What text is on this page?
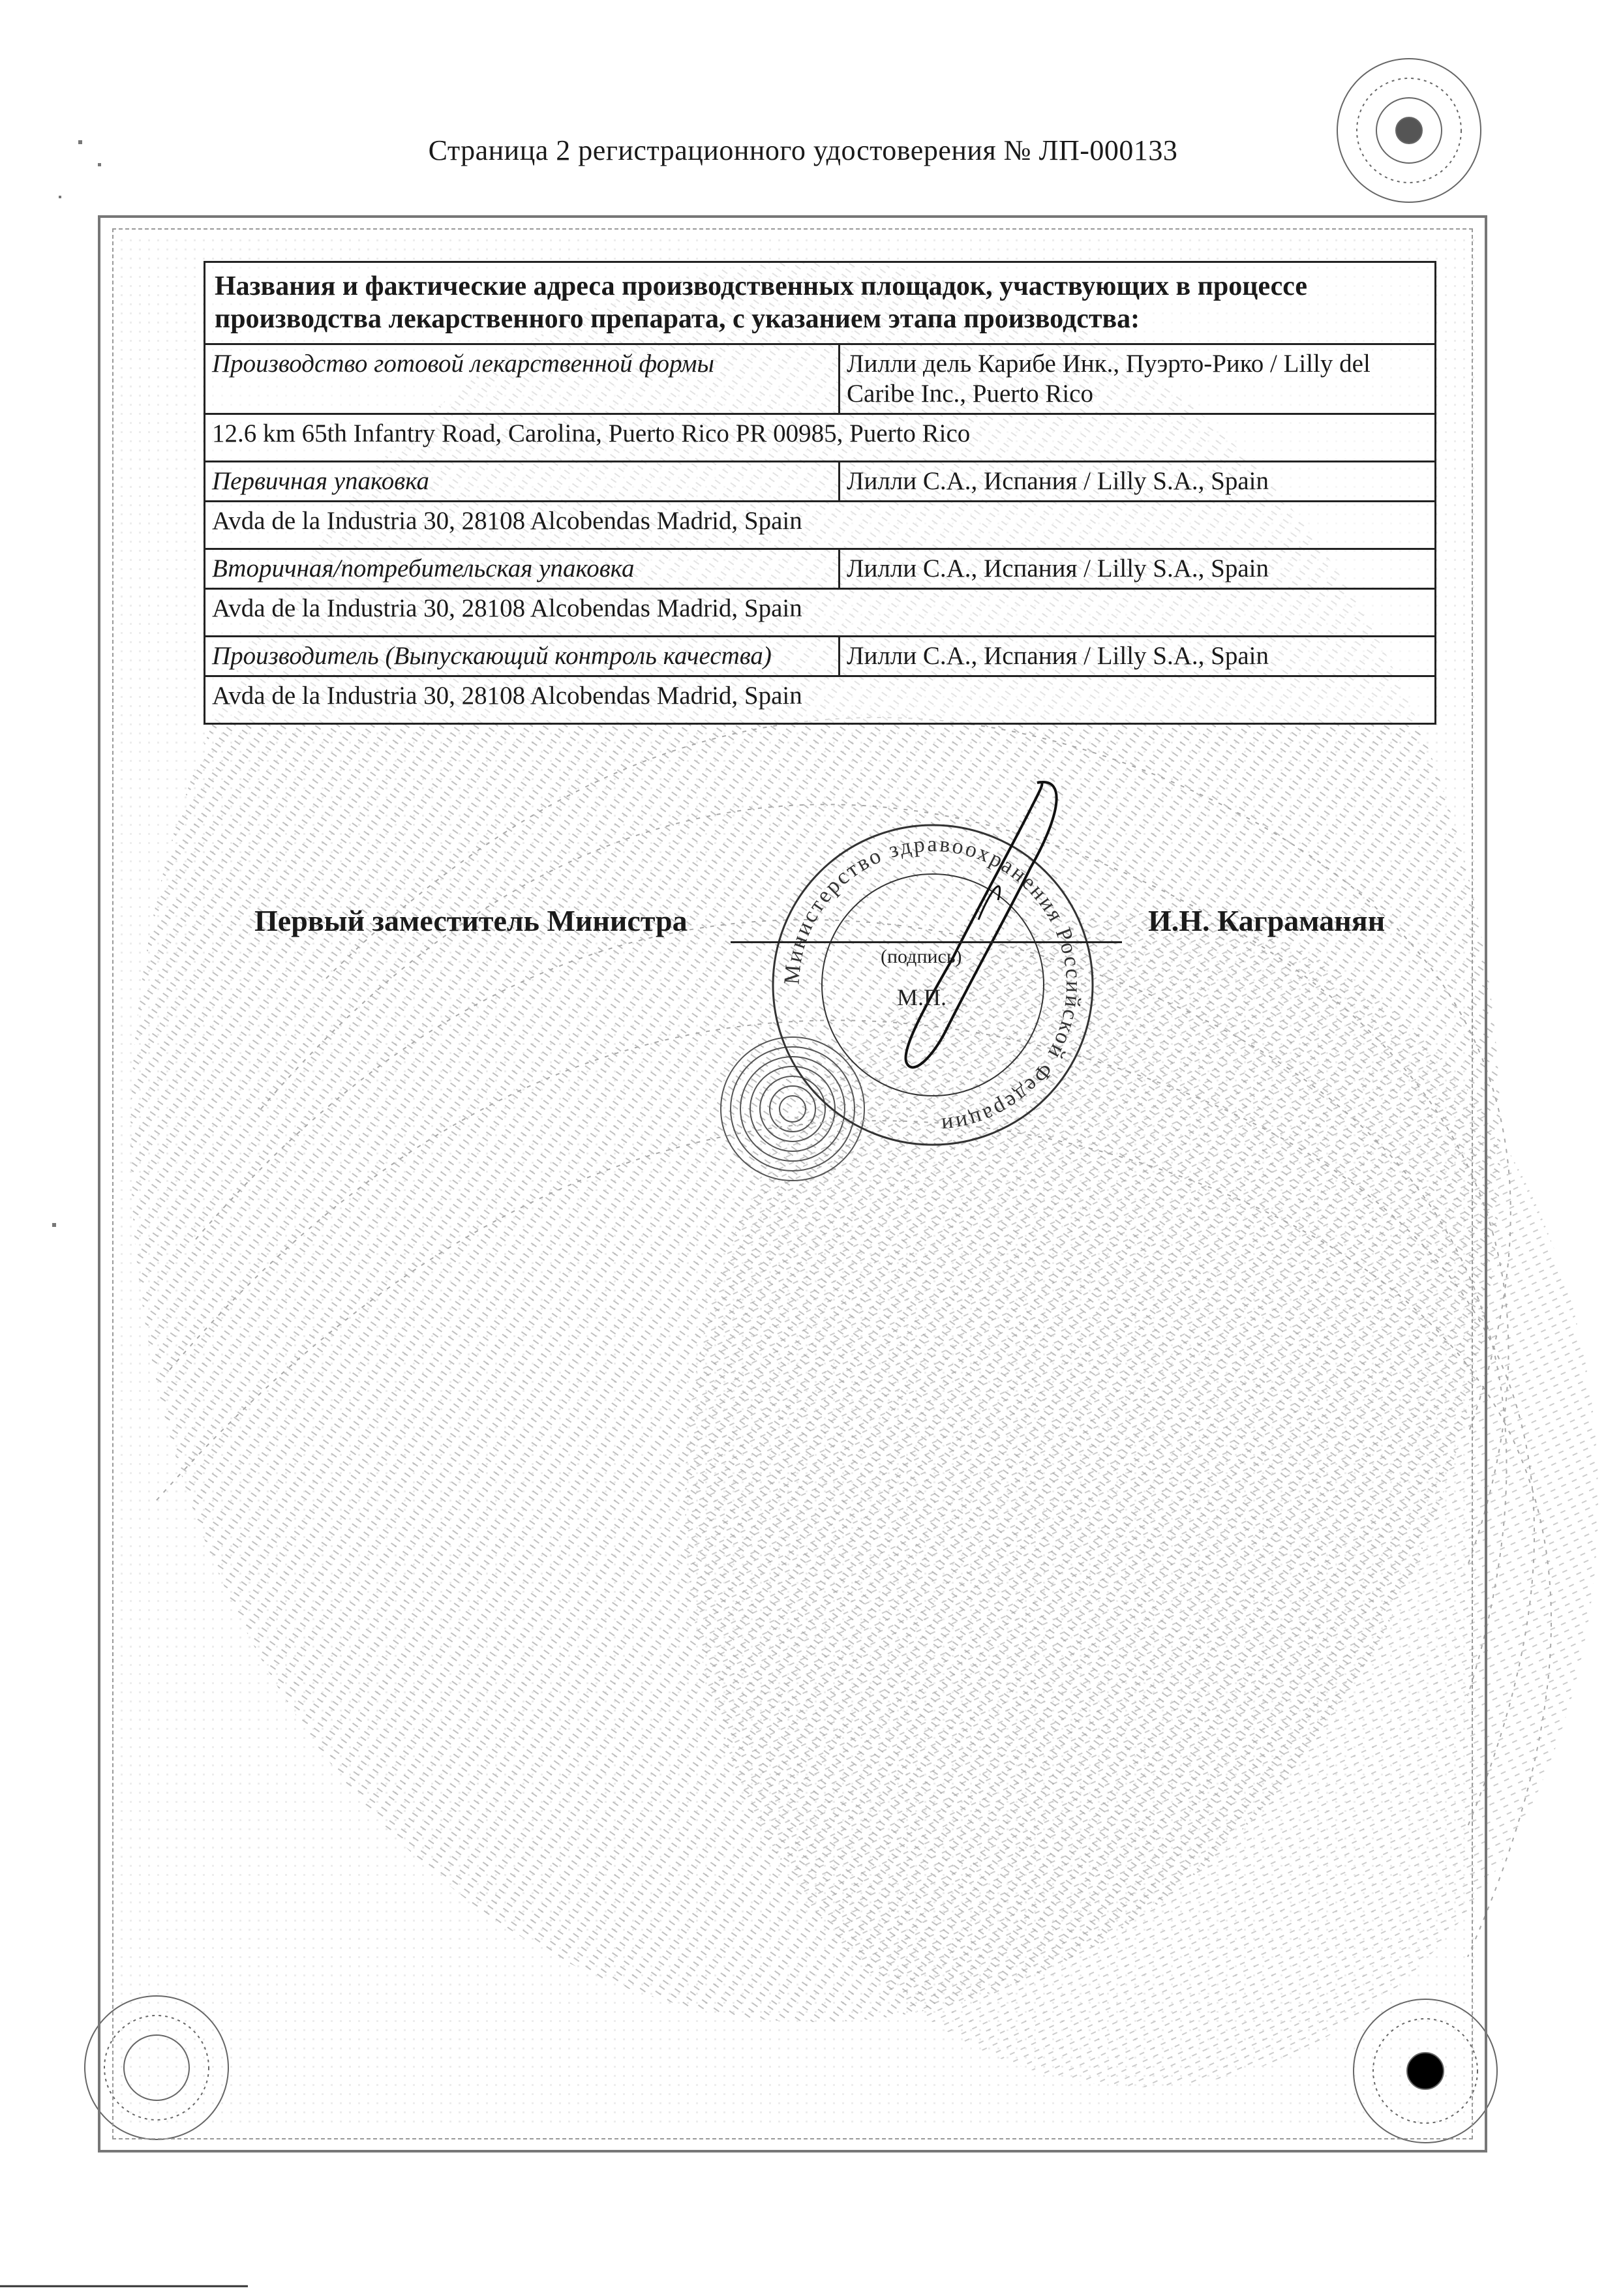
Страница 2 регистрационного удостоверения № ЛП-000133
Названия и фактические адреса производственных площадок, участвующих в процессе производства лекарственного препарата, с указанием этапа производства:	
Производство готовой лекарственной формы	Лилли дель Карибе Инк., Пуэрто-Рико / Lilly del Caribe Inc., Puerto Rico
12.6 km 65th Infantry Road, Carolina, Puerto Rico PR 00985, Puerto Rico	
Первичная упаковка	Лилли С.А., Испания / Lilly S.A., Spain
Avda de la Industria 30, 28108 Alcobendas Madrid, Spain	
Вторичная/потребительская упаковка	Лилли С.А., Испания / Lilly S.A., Spain
Avda de la Industria 30, 28108 Alcobendas Madrid, Spain	
Производитель (Выпускающий контроль качества)	Лилли С.А., Испания / Lilly S.A., Spain
Avda de la Industria 30, 28108 Alcobendas Madrid, Spain	
Министерство здравоохранения Российской Федерации
(подпись)
М.П.
Первый заместитель Министра	И.Н. Каграманян
